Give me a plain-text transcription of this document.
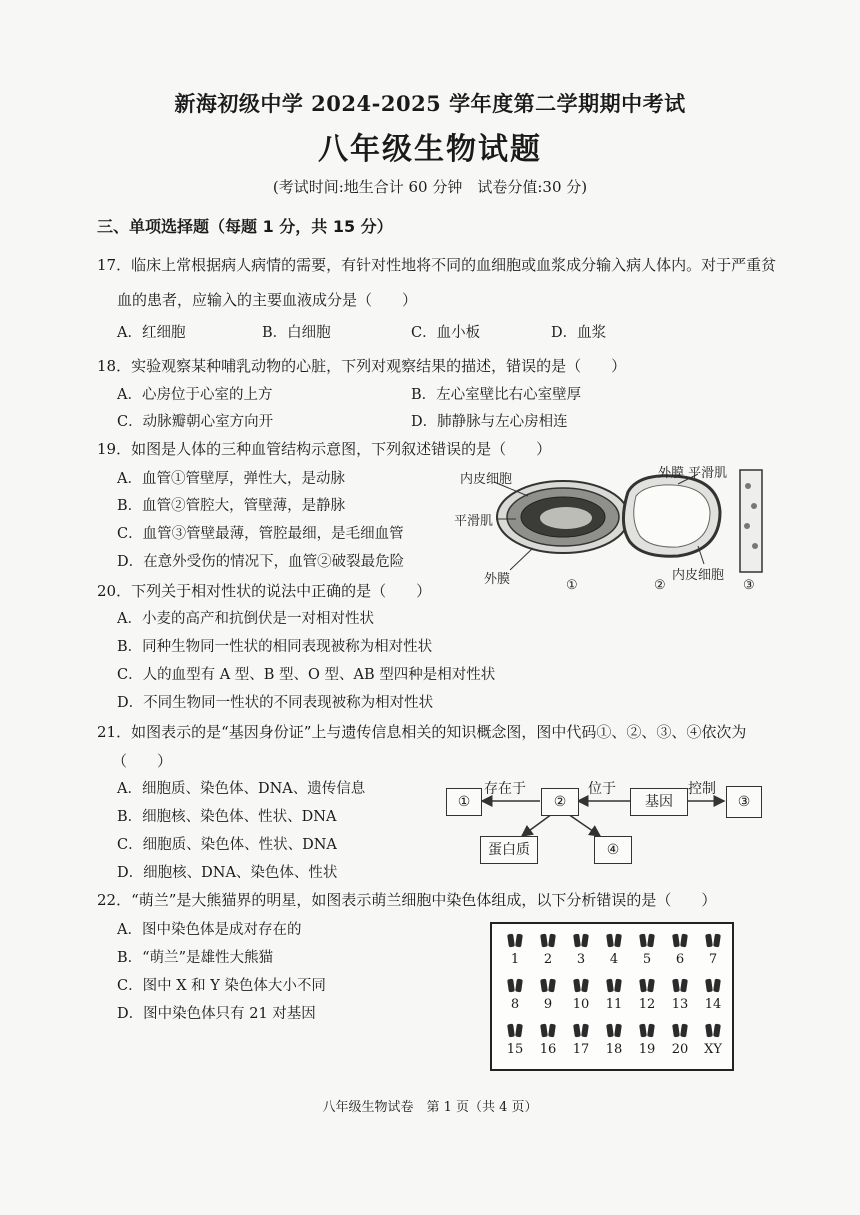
新海初级中学 2024-2025 学年度第二学期期中考试
八年级生物试题
(考试时间:地生合计 60 分钟　试卷分值:30 分)
三、单项选择题（每题 1 分，共 15 分）
17．临床上常根据病人病情的需要，有针对性地将不同的血细胞或血浆成分输入病人体内。对于严重贫
血的患者，应输入的主要血液成分是（　　）
A．红细胞	B．白细胞	C．血小板	D．血浆
18．实验观察某种哺乳动物的心脏，下列对观察结果的描述，错误的是（　　）
A．心房位于心室的上方	B．左心室壁比右心室壁厚
C．动脉瓣朝心室方向开	D．肺静脉与左心房相连
19．如图是人体的三种血管结构示意图，下列叙述错误的是（　　）
A．血管①管壁厚，弹性大，是动脉
B．血管②管腔大，管壁薄，是静脉
C．血管③管壁最薄，管腔最细，是毛细血管
D．在意外受伤的情况下，血管②破裂最危险
内皮细胞	外膜 平滑肌
平滑肌
外膜	内皮细胞
①	②	③
20．下列关于相对性状的说法中正确的是（　　）
A．小麦的高产和抗倒伏是一对相对性状
B．同种生物同一性状的相同表现被称为相对性状
C．人的血型有 A 型、B 型、O 型、AB 型四种是相对性状
D．不同生物同一性状的不同表现被称为相对性状
21．如图表示的是“基因身份证”上与遗传信息相关的知识概念图，图中代码①、②、③、④依次为
（　　）
A．细胞质、染色体、DNA、遗传信息
B．细胞核、染色体、性状、DNA
C．细胞质、染色体、性状、DNA
D．细胞核、DNA、染色体、性状
①	②	基因	③
蛋白质	④
存在于	位于	控制
22．“萌兰”是大熊猫界的明星，如图表示萌兰细胞中染色体组成，以下分析错误的是（　　）
A．图中染色体是成对存在的
B．“萌兰”是雄性大熊猫
C．图中 X 和 Y 染色体大小不同
D．图中染色体只有 21 对基因
1	2	3	4	5	6	7
8	9	10	11	12	13	14
15	16	17	18	19	20	XY
八年级生物试卷　第 1 页（共 4 页）
